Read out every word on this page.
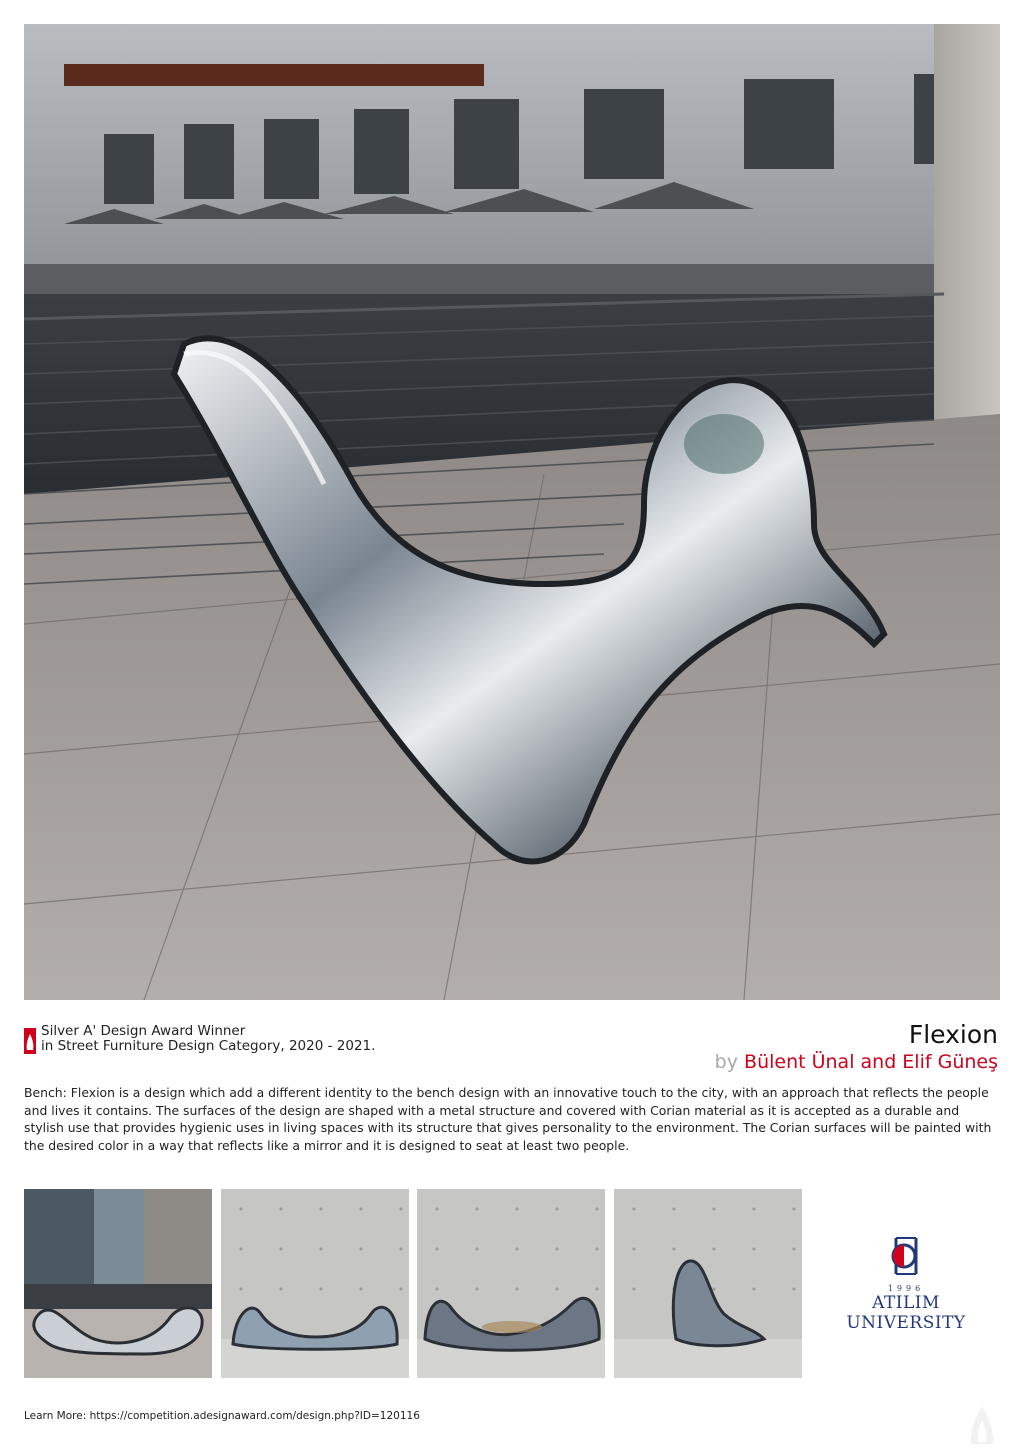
Silver A' Design Award Winner
in Street Furniture Design Category, 2020 - 2021.	Flexion
by Bülent Ünal and Elif Güneş
Bench: Flexion is a design which add a different identity to the bench design with an innovative touch to the city, with an approach that reflects the people and lives it contains. The surfaces of the design are shaped with a metal structure and covered with Corian material as it is accepted as a durable and stylish use that provides hygienic uses in living spaces with its structure that gives personality to the environment. The Corian surfaces will be painted with the desired color in a way that reflects like a mirror and it is designed to seat at least two people.
1996
ATILIM
UNIVERSITY
Learn More: https://competition.adesignaward.com/design.php?ID=120116
